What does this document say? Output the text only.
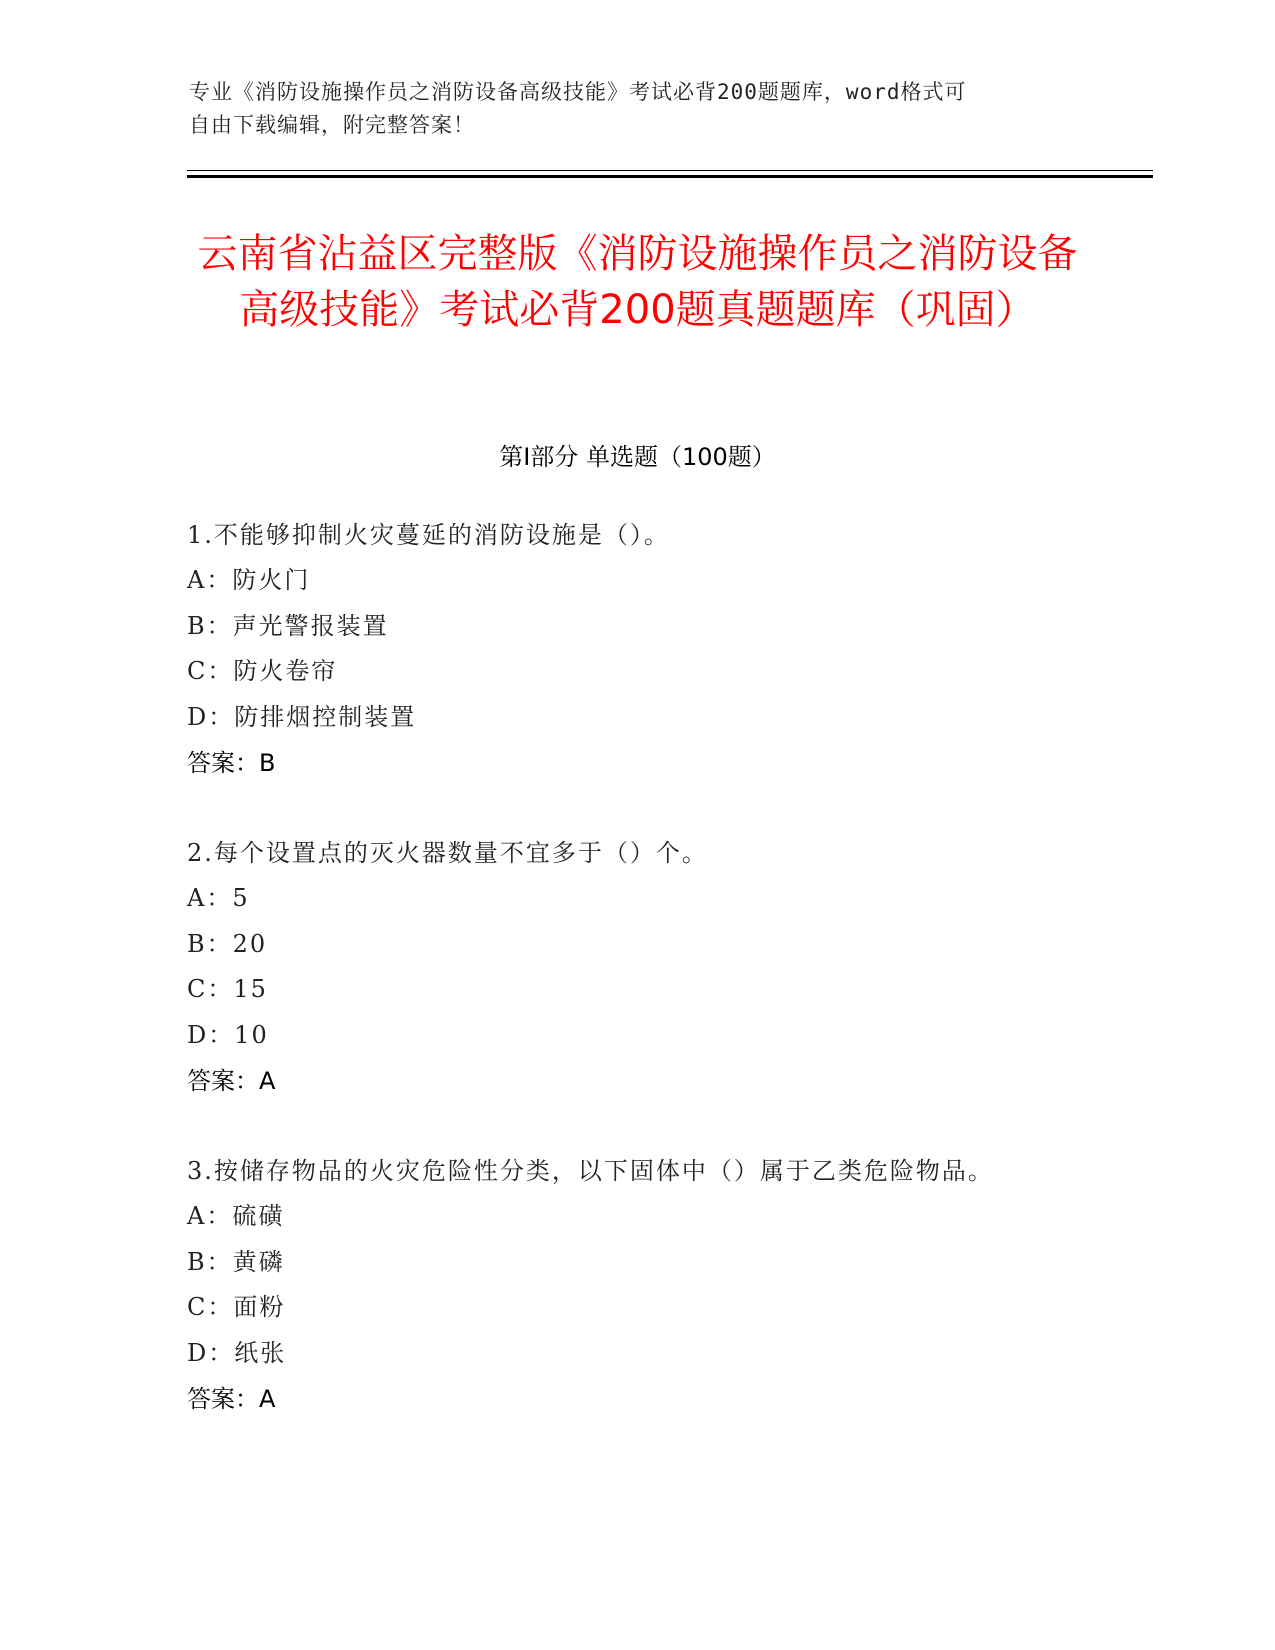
专业《消防设施操作员之消防设备高级技能》考试必背200题题库，word格式可
自由下载编辑，附完整答案！

云南省沾益区完整版《消防设施操作员之消防设备高级技能》考试必背200题真题题库（巩固）
第Ⅰ部分 单选题（100题）

1.不能够抑制火灾蔓延的消防设施是（）。

A：防火门

B：声光警报装置

C：防火卷帘

D：防排烟控制装置

答案：B

2.每个设置点的灭火器数量不宜多于（）个。

A：5

B：20

C：15

D：10

答案：A

3.按储存物品的火灾危险性分类，以下固体中（）属于乙类危险物品。

A：硫磺

B：黄磷

C：面粉

D：纸张

答案：A
